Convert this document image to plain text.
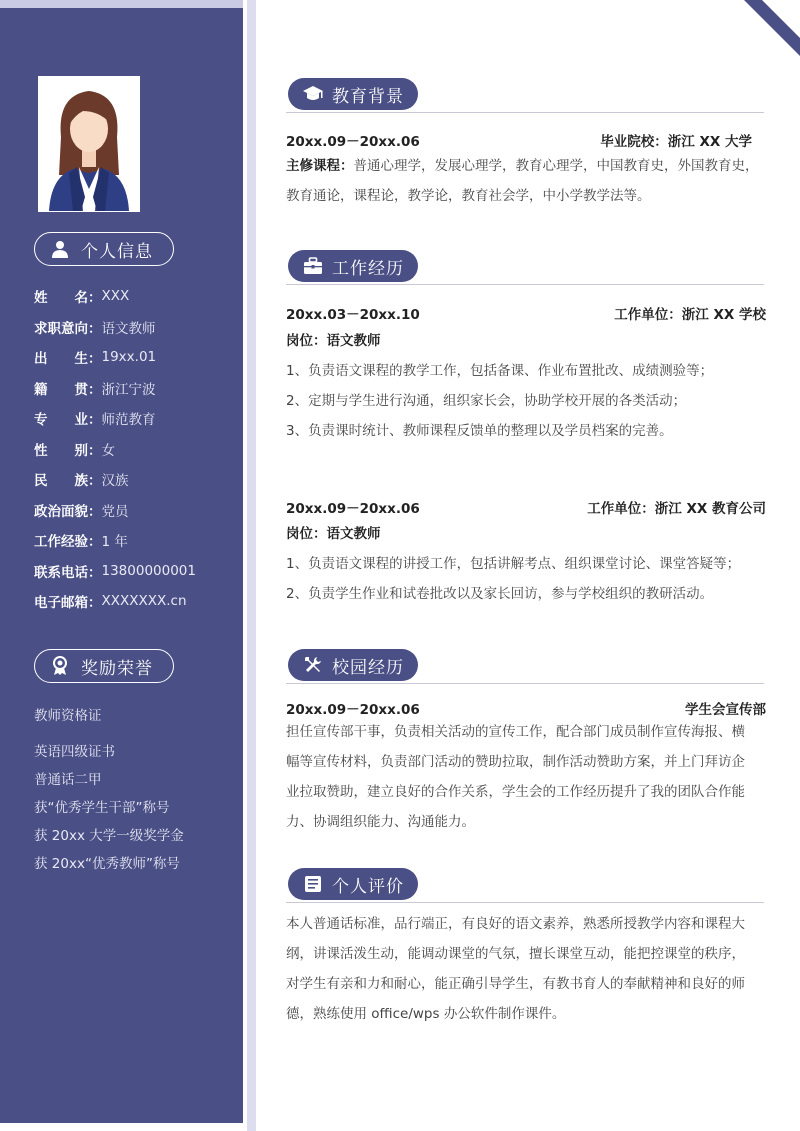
个人信息
姓　　名： XXX
求职意向： 语文教师
出　　生： 19xx.01
籍　　贯： 浙江宁波
专　　业： 师范教育
性　　别： 女
民　　族： 汉族
政治面貌： 党员
工作经验： 1 年
联系电话： 13800000001
电子邮箱： XXXXXXX.cn
奖励荣誉
教师资格证
英语四级证书
普通话二甲
获“优秀学生干部”称号
获 20xx 大学一级奖学金
获 20xx“优秀教师”称号
教育背景
20xx.09－20xx.06	毕业院校：浙江 XX 大学
主修课程：普通心理学，发展心理学，教育心理学，中国教育史，外国教育史，
教育通论，课程论，教学论，教育社会学，中小学教学法等。
工作经历
20xx.03－20xx.10	工作单位：浙江 XX 学校
岗位：语文教师
1、负责语文课程的教学工作，包括备课、作业布置批改、成绩测验等；
2、定期与学生进行沟通，组织家长会，协助学校开展的各类活动；
3、负责课时统计、教师课程反馈单的整理以及学员档案的完善。
20xx.09－20xx.06	工作单位：浙江 XX 教育公司
岗位：语文教师
1、负责语文课程的讲授工作，包括讲解考点、组织课堂讨论、课堂答疑等；
2、负责学生作业和试卷批改以及家长回访，参与学校组织的教研活动。
校园经历
20xx.09－20xx.06	学生会宣传部
担任宣传部干事，负责相关活动的宣传工作，配合部门成员制作宣传海报、横
幅等宣传材料，负责部门活动的赞助拉取，制作活动赞助方案，并上门拜访企
业拉取赞助，建立良好的合作关系，学生会的工作经历提升了我的团队合作能
力、协调组织能力、沟通能力。
个人评价
本人普通话标准，品行端正，有良好的语文素养，熟悉所授教学内容和课程大
纲，讲课活泼生动，能调动课堂的气氛，擅长课堂互动，能把控课堂的秩序，
对学生有亲和力和耐心，能正确引导学生，有教书育人的奉献精神和良好的师
德，熟练使用 office/wps 办公软件制作课件。
